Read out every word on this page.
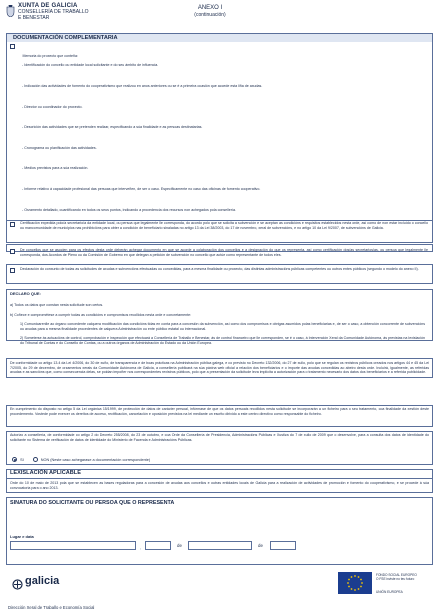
XUNTA DE GALICIA
CONSELLERÍA DE TRABALLO
E BENESTAR
ANEXO I
(continuación)
DOCUMENTACIÓN COMPLEMENTARIA
Memoria do proxecto que conteña:
- Identificación do concello ou entidade local solicitante e do seu ámbito de influencia.
- Indicación das actividades de fomento do cooperativismo que realizou en anos anteriores ou se é a primeira ocasión que accede esta liña de axudas.
- Director ou coordinador do proxecto.
- Descrición das actividades que se pretenden realizar, especificando a súa finalidade e as persoas destinatarias.
- Cronograma ou planificación das actividades.
- Medios previstos para a súa realización.
- Informe relativo á capacidade profesional das persoas que interveñen, de ser o caso. Especificamente no caso das oficinas de fomento cooperativo.
- Orzamento detallado, cuantificando en todos os seus puntos, indicando a procedencia dos recursos non achegados pola consellería.
Certificación expedida polo/a secretario/a da entidade local, ou persoa que legalmente lle corresponda, do acordo polo que se solicita a subvención e se aceptan as condicións e requisitos establecidos nesta orde, así como de non estar incluído o concello ou mancomunidade de municipios nas prohibicións para obter a condición de beneficiario sinaladas no artigo 13 da Lei 38/2003, do 17 de novembro, xeral de subvencións, e no artigo 10 da Lei 9/2007, de subvencións de Galicia.
De concellos que se asocien para os efectos desta orde deberán achegar documento en que se acorde a colaboración dos concellos e a designación do que os representa, así como certificación dos/as secretarios/as, ou persoa que legalmente lle corresponda, dos Acordos de Pleno ou da Comisión de Goberno en que delegan a petición de subvención no concello que actúe como representante de todos eles.
Declaración do conxunto de todas as solicitudes de axudas e subvencións efectuadas ou concedidas, para a mesma finalidade ou proxecto, das distintas administracións públicas competentes ou outros entes públicos (segundo o modelo do anexo II).
DECLARO QUE:
a) Todos os datos que constan nesta solicitude son certos.
b) Coñece e comprométese a cumprir todas as condicións e compromisos recollidos nesta orde e concretamente:
1) Comunicarenlle ao órgano concedente calquera modificación das condicións tidas en conta para a concesión da subvención, así como dos compromisos e obrigas asumidos polas beneficiarias e, de ser o caso, a obtención concorrente de subvencións ou axudas para a mesma finalidade procedentes de calquera Administración ou ente público estatal ou internacional.
2) Someterse ás actuacións de control, comprobación e inspección que efectuará a Consellería de Traballo e Benestar, ás de control financeiro que lle corresponden, se é o caso, á Intervención Xeral da Comunidade Autónoma, ás previstas na lexislación do Tribunal de Contas e do Consello de Contas, ou a outros órganos de Administración do Estado ou da Unión Europea.
De conformidade co artigo 13.4 da Lei 4/2006, do 30 de xuño, de transparencia e de boas prácticas na Administración pública galega, e co previsto no Decreto 132/2006, do 27 de xullo, polo que se regulan os rexistros públicos creados nos artigos 44 e 45 da Lei 7/2005, do 29 de decembro, de orzamentos xerais da Comunidade Autónoma de Galicia, a consellería publicará na súa páxina web oficial a relación dos beneficiarios e o importe das axudas concedidas ao abeiro desta orde. Incluirá, igualmente, as referidas axudas e as sancións que, como consecuencia delas, se poidan impoñer nos correspondentes rexistros públicos, polo que a presentación da solicitude leva implícita a autorización para o tratamento necesario dos datos dos beneficiarios e a referida publicidade.
En cumprimento do disposto no artigo 5 da Lei orgánica 15/1999, de protección de datos de carácter persoal, infórmase de que os datos persoais recollidos nesta solicitude se incorporarán a un ficheiro para o seu tratamento, coa finalidade da xestión deste procedemento. Vostede pode exercer os dereitos de acceso, rectificación, cancelación e oposición previstos na lei mediante un escrito dirixido a este centro directivo como responsable do ficheiro.
Autorizo a consellería, de conformidade co artigo 2 do Decreto 255/2008, do 23 de outubro, e coa Orde da Consellería de Presidencia, Administracións Públicas e Xustiza do 7 de xullo de 2009 que o desenvolve, para a consulta dos datos de identidade do solicitante no Sistema de verificación de datos de identidade do Ministerio de Facenda e Administracións Públicas.
SI	NON (Neste caso achegarase a documentación correspondente)
LEXISLACIÓN APLICABLE
Orde do 10 de maio de 2013 pola que se establecen as bases reguladoras para a concesión de axudas aos concellos e outras entidades locais de Galicia para a realización de actividades de promoción e fomento do cooperativismo, e se procede á súa convocatoria para o ano 2013.
SINATURA DO SOLICITANTE OU PERSOA QUE O REPRESENTA
Lugar e data
,	de	de
galicia	FONDO SOCIAL EUROPEO
O FSE inviste no teu futuro
UNIÓN EUROPEA
Dirección Xeral de Traballo e Economía Social
